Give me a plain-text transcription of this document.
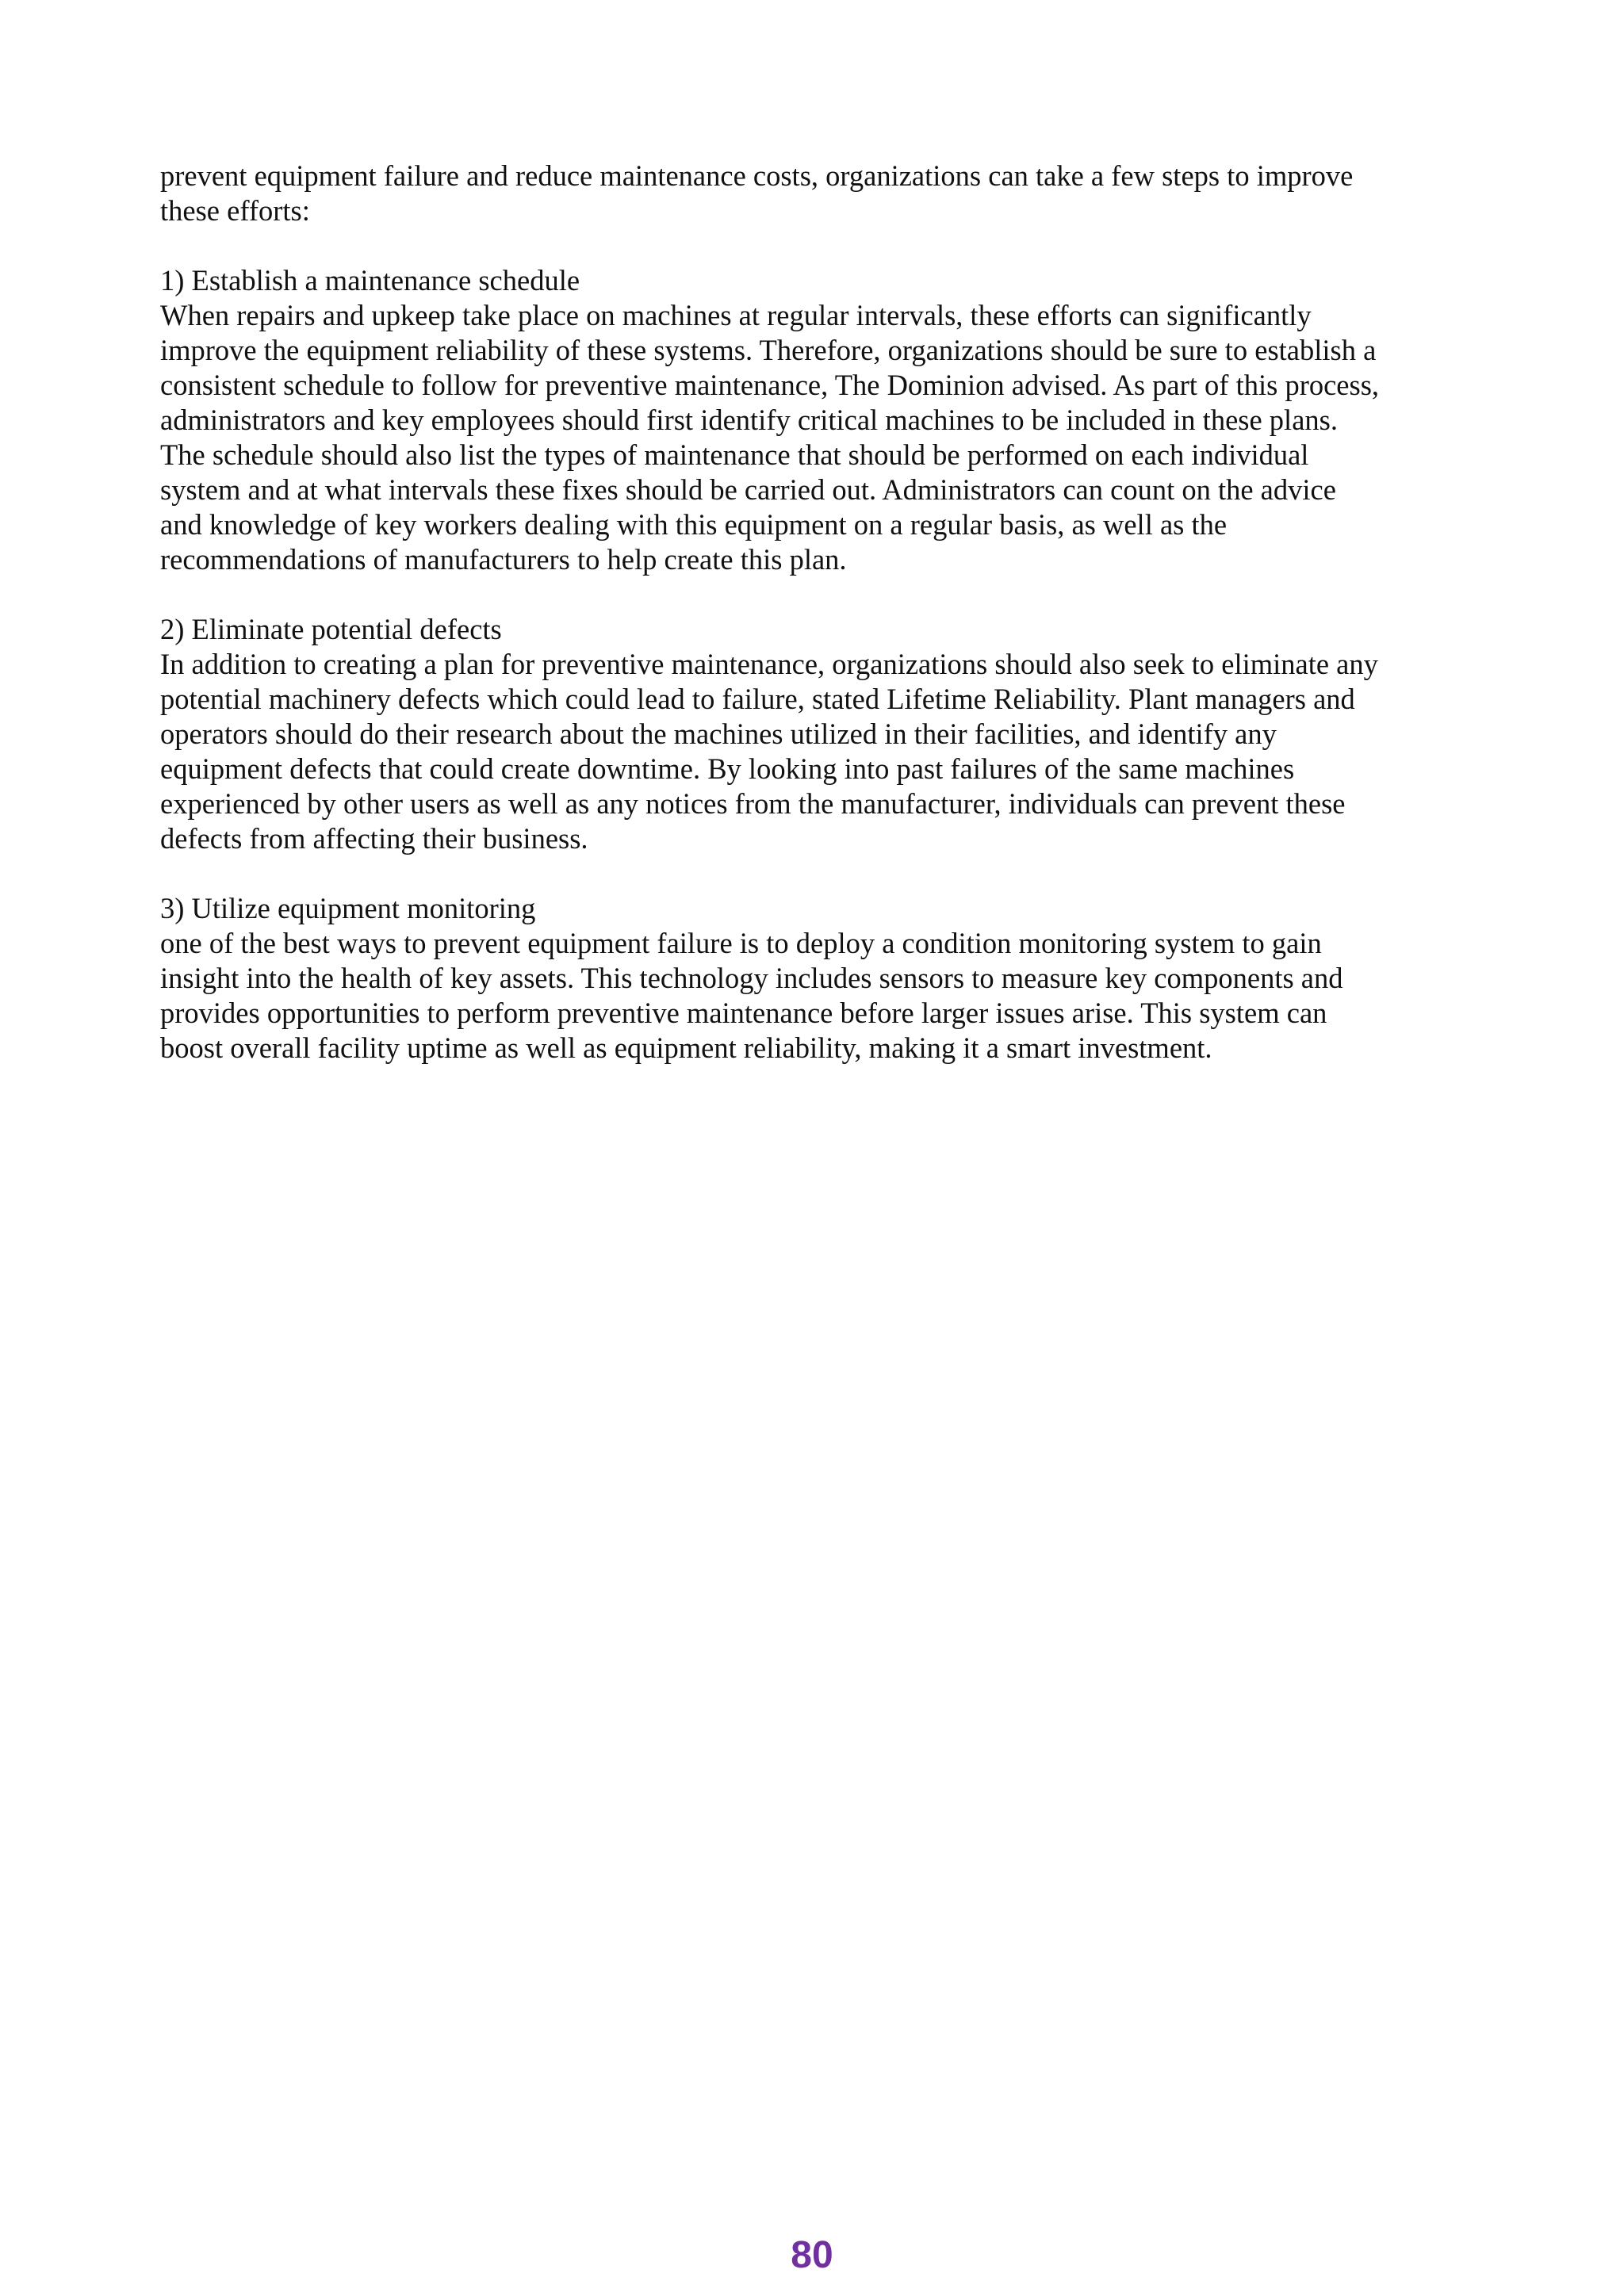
prevent equipment failure and reduce maintenance costs, organizations can take a few steps to improve
these efforts:

1) Establish a maintenance schedule

When repairs and upkeep take place on machines at regular intervals, these efforts can significantly
improve the equipment reliability of these systems. Therefore, organizations should be sure to establish a
consistent schedule to follow for preventive maintenance, The Dominion advised. As part of this process,
administrators and key employees should first identify critical machines to be included in these plans.
The schedule should also list the types of maintenance that should be performed on each individual
system and at what intervals these fixes should be carried out. Administrators can count on the advice
and knowledge of key workers dealing with this equipment on a regular basis, as well as the
recommendations of manufacturers to help create this plan.

2) Eliminate potential defects

In addition to creating a plan for preventive maintenance, organizations should also seek to eliminate any
potential machinery defects which could lead to failure, stated Lifetime Reliability. Plant managers and
operators should do their research about the machines utilized in their facilities, and identify any
equipment defects that could create downtime. By looking into past failures of the same machines
experienced by other users as well as any notices from the manufacturer, individuals can prevent these
defects from affecting their business.

3) Utilize equipment monitoring

one of the best ways to prevent equipment failure is to deploy a condition monitoring system to gain
insight into the health of key assets. This technology includes sensors to measure key components and
provides opportunities to perform preventive maintenance before larger issues arise. This system can
boost overall facility uptime as well as equipment reliability, making it a smart investment.

80
